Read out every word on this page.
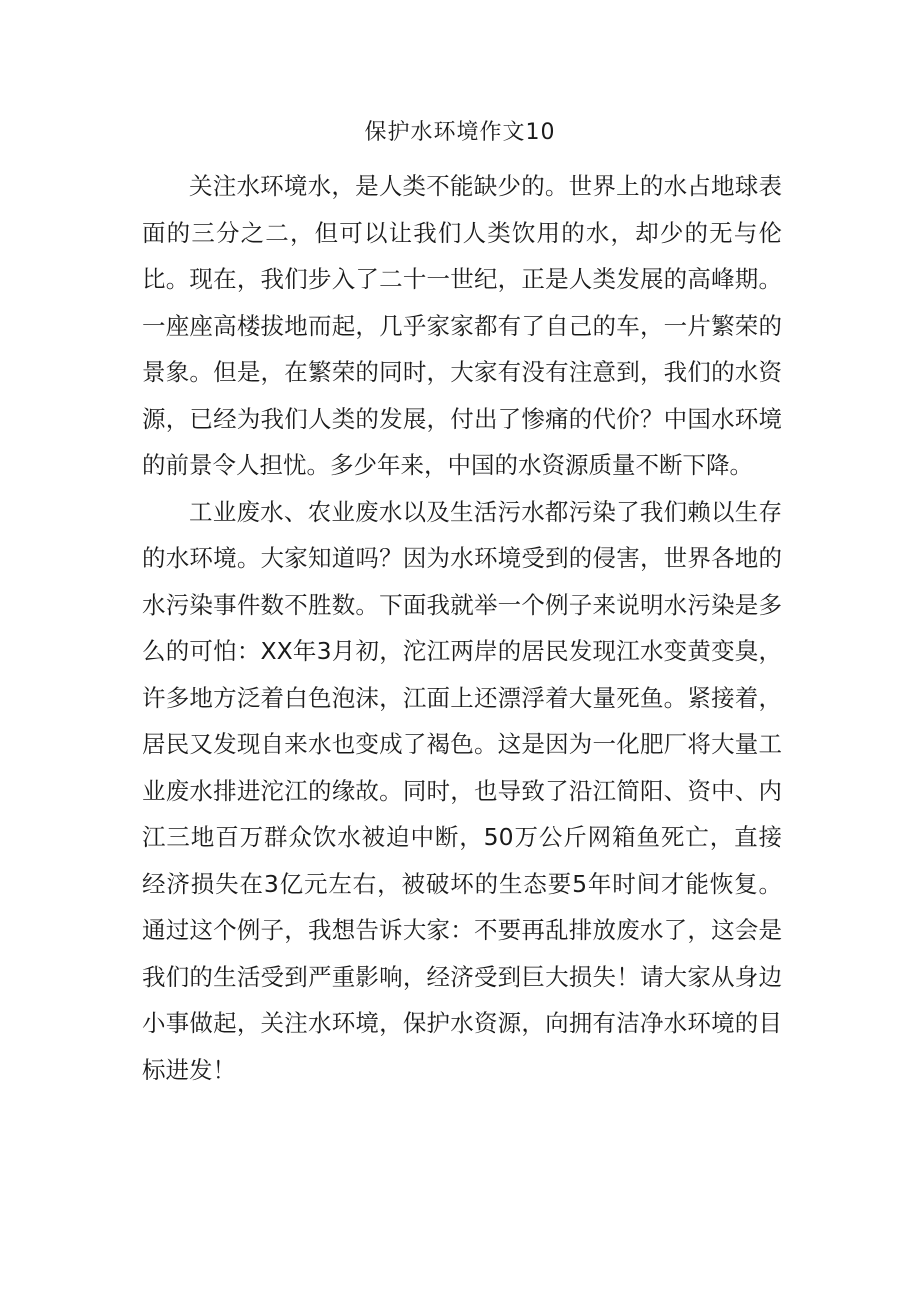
保护水环境作文10

关注水环境水，是人类不能缺少的。世界上的水占地球表面的三分之二，但可以让我们人类饮用的水，却少的无与伦比。现在，我们步入了二十一世纪，正是人类发展的高峰期。一座座高楼拔地而起，几乎家家都有了自己的车，一片繁荣的景象。但是，在繁荣的同时，大家有没有注意到，我们的水资源，已经为我们人类的发展，付出了惨痛的代价？中国水环境的前景令人担忧。多少年来，中国的水资源质量不断下降。

工业废水、农业废水以及生活污水都污染了我们赖以生存的水环境。大家知道吗？因为水环境受到的侵害，世界各地的水污染事件数不胜数。下面我就举一个例子来说明水污染是多么的可怕：XX年3月初，沱江两岸的居民发现江水变黄变臭，许多地方泛着白色泡沫，江面上还漂浮着大量死鱼。紧接着，居民又发现自来水也变成了褐色。这是因为一化肥厂将大量工业废水排进沱江的缘故。同时，也导致了沿江简阳、资中、内江三地百万群众饮水被迫中断，50万公斤网箱鱼死亡，直接经济损失在3亿元左右，被破坏的生态要5年时间才能恢复。通过这个例子，我想告诉大家：不要再乱排放废水了，这会是我们的生活受到严重影响，经济受到巨大损失！请大家从身边小事做起，关注水环境，保护水资源，向拥有洁净水环境的目标进发！
